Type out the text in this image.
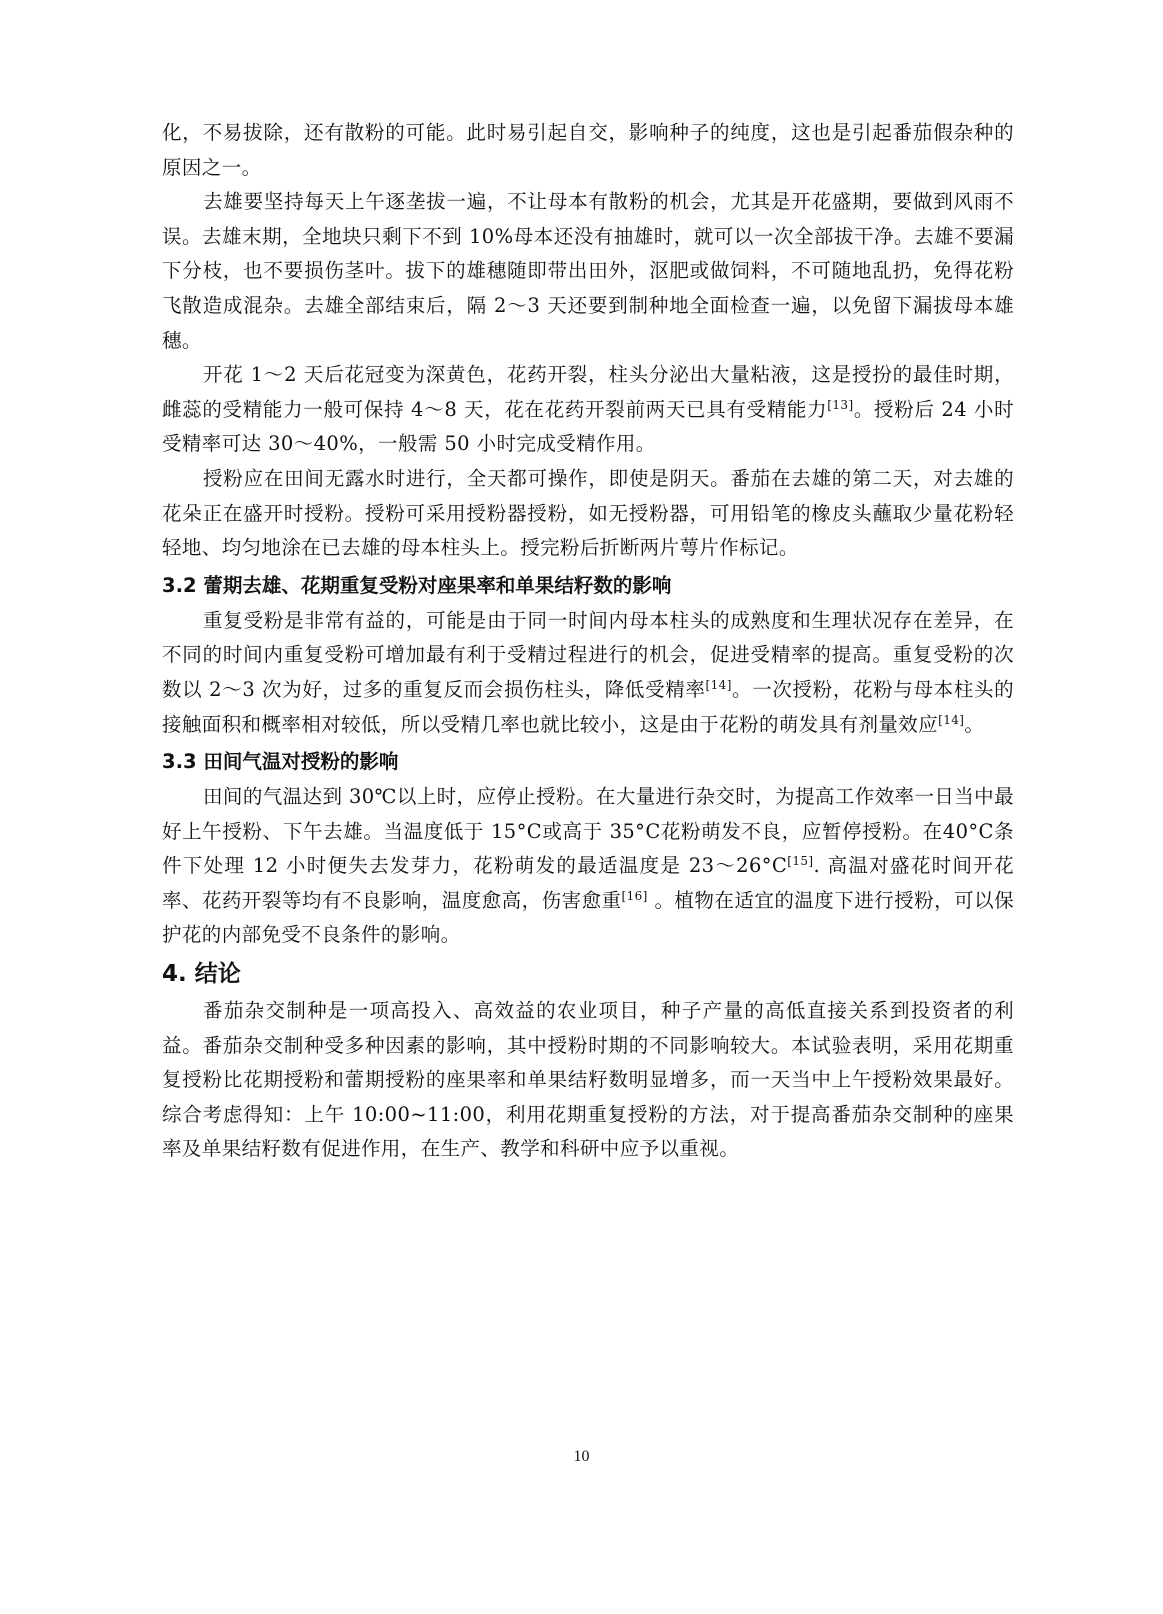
化，不易拔除，还有散粉的可能。此时易引起自交，影响种子的纯度，这也是引起番茄假杂种的原因之一。

去雄要坚持每天上午逐垄拔一遍，不让母本有散粉的机会，尤其是开花盛期，要做到风雨不误。去雄末期，全地块只剩下不到 10%母本还没有抽雄时，就可以一次全部拔干净。去雄不要漏下分枝，也不要损伤茎叶。拔下的雄穗随即带出田外，沤肥或做饲料，不可随地乱扔，免得花粉飞散造成混杂。去雄全部结束后，隔 2～3 天还要到制种地全面检查一遍，以免留下漏拔母本雄穗。

开花 1～2 天后花冠变为深黄色，花药开裂，柱头分泌出大量粘液，这是授扮的最佳时期，雌蕊的受精能力一般可保持 4～8 天，花在花药开裂前两天已具有受精能力[13]。授粉后 24 小时受精率可达 30～40%，一般需 50 小时完成受精作用。

授粉应在田间无露水时进行，全天都可操作，即使是阴天。番茄在去雄的第二天，对去雄的花朵正在盛开时授粉。授粉可采用授粉器授粉，如无授粉器，可用铅笔的橡皮头蘸取少量花粉轻轻地、均匀地涂在已去雄的母本柱头上。授完粉后折断两片萼片作标记。

3.2 蕾期去雄、花期重复受粉对座果率和单果结籽数的影响

重复受粉是非常有益的，可能是由于同一时间内母本柱头的成熟度和生理状况存在差异，在不同的时间内重复受粉可增加最有利于受精过程进行的机会，促进受精率的提高。重复受粉的次数以 2～3 次为好，过多的重复反而会损伤柱头，降低受精率[14]。一次授粉，花粉与母本柱头的接触面积和概率相对较低，所以受精几率也就比较小，这是由于花粉的萌发具有剂量效应[14]。

3.3 田间气温对授粉的影响

田间的气温达到 30℃以上时，应停止授粉。在大量进行杂交时，为提高工作效率一日当中最好上午授粉、下午去雄。当温度低于 15°C或高于 35°C花粉萌发不良，应暂停授粉。在40°C条件下处理 12 小时便失去发芽力，花粉萌发的最适温度是 23～26°C[15]. 高温对盛花时间开花率、花药开裂等均有不良影响，温度愈高，伤害愈重[16] 。植物在适宜的温度下进行授粉，可以保护花的内部免受不良条件的影响。

4. 结论

番茄杂交制种是一项高投入、高效益的农业项目，种子产量的高低直接关系到投资者的利益。番茄杂交制种受多种因素的影响，其中授粉时期的不同影响较大。本试验表明，采用花期重复授粉比花期授粉和蕾期授粉的座果率和单果结籽数明显增多，而一天当中上午授粉效果最好。综合考虑得知：上午 10:00~11:00，利用花期重复授粉的方法，对于提高番茄杂交制种的座果率及单果结籽数有促进作用，在生产、教学和科研中应予以重视。

10
